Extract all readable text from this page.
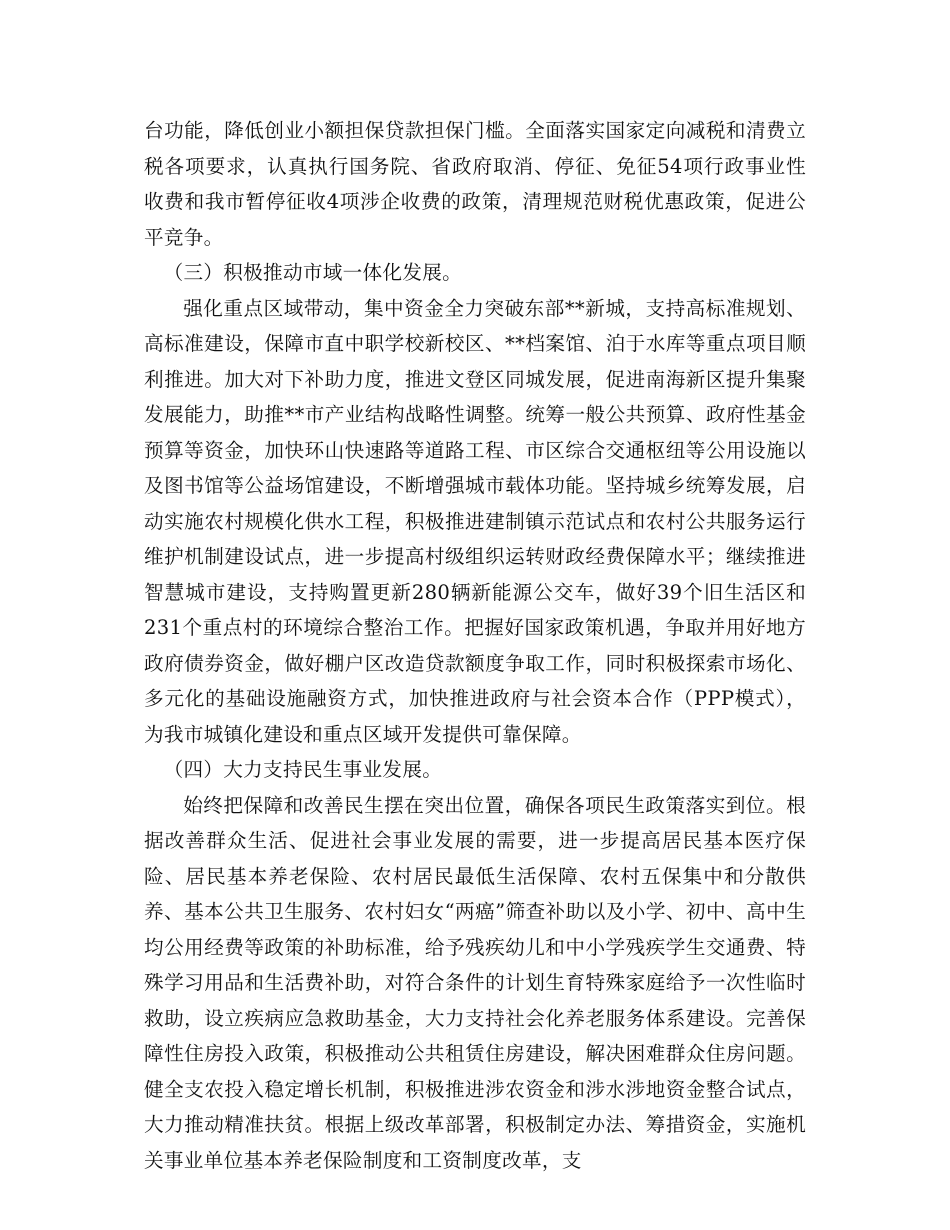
台功能，降低创业小额担保贷款担保门槛。全面落实国家定向减税和清费立税各项要求，认真执行国务院、省政府取消、停征、免征54项行政事业性收费和我市暂停征收4项涉企收费的政策，清理规范财税优惠政策，促进公平竞争。

（三）积极推动市域一体化发展。

强化重点区域带动，集中资金全力突破东部**新城，支持高标准规划、高标准建设，保障市直中职学校新校区、**档案馆、泊于水库等重点项目顺利推进。加大对下补助力度，推进文登区同城发展，促进南海新区提升集聚发展能力，助推**市产业结构战略性调整。统筹一般公共预算、政府性基金预算等资金，加快环山快速路等道路工程、市区综合交通枢纽等公用设施以及图书馆等公益场馆建设，不断增强城市载体功能。坚持城乡统筹发展，启动实施农村规模化供水工程，积极推进建制镇示范试点和农村公共服务运行维护机制建设试点，进一步提高村级组织运转财政经费保障水平；继续推进智慧城市建设，支持购置更新280辆新能源公交车，做好39个旧生活区和231个重点村的环境综合整治工作。把握好国家政策机遇，争取并用好地方政府债券资金，做好棚户区改造贷款额度争取工作，同时积极探索市场化、多元化的基础设施融资方式，加快推进政府与社会资本合作（PPP模式），为我市城镇化建设和重点区域开发提供可靠保障。

（四）大力支持民生事业发展。

始终把保障和改善民生摆在突出位置，确保各项民生政策落实到位。根据改善群众生活、促进社会事业发展的需要，进一步提高居民基本医疗保险、居民基本养老保险、农村居民最低生活保障、农村五保集中和分散供养、基本公共卫生服务、农村妇女“两癌”筛查补助以及小学、初中、高中生均公用经费等政策的补助标准，给予残疾幼儿和中小学残疾学生交通费、特殊学习用品和生活费补助，对符合条件的计划生育特殊家庭给予一次性临时救助，设立疾病应急救助基金，大力支持社会化养老服务体系建设。完善保障性住房投入政策，积极推动公共租赁住房建设，解决困难群众住房问题。健全支农投入稳定增长机制，积极推进涉农资金和涉水涉地资金整合试点，大力推动精准扶贫。根据上级改革部署，积极制定办法、筹措资金，实施机关事业单位基本养老保险制度和工资制度改革，支
